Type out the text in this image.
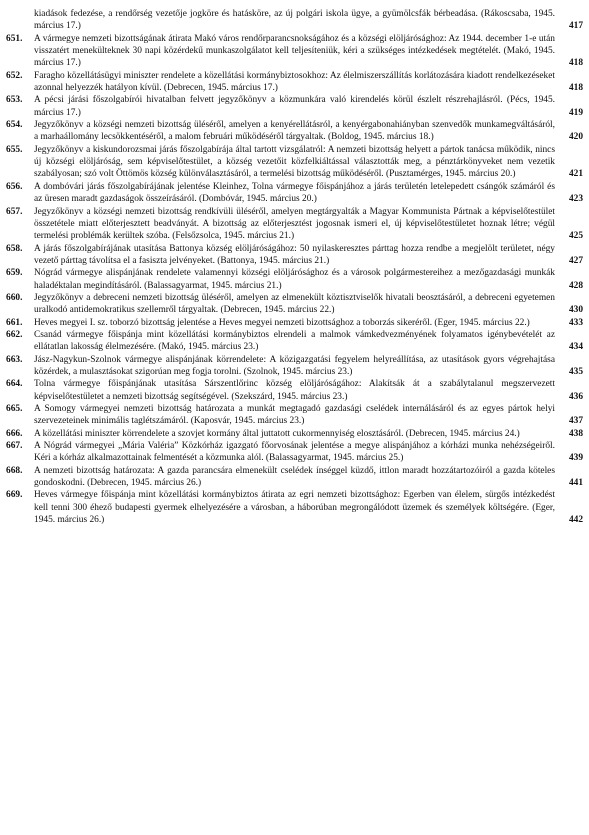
kiadások fedezése, a rendőrség vezetője jogköre és hatásköre, az új polgári iskola ügye, a gyümölcsfák bérbeadása. (Rákoscsaba, 1945. március 17.)	417
651.	A vármegye nemzeti bizottságának átirata Makó város rendőrparancsnokságához és a községi elöljárósághoz: Az 1944. december 1-e után visszatért menekülteknek 30 napi közérdekű munkaszolgálatot kell teljesíteniük, kéri a szükséges intézkedések megtételét. (Makó, 1945. március 17.)	418
652.	Faragho közellátásügyi miniszter rendelete a közellátási kormánybiztosokhoz: Az élelmiszerszállítás korlátozására kiadott rendelkezéseket azonnal helyezzék hatályon kívül. (Debrecen, 1945. március 17.)	418
653.	A pécsi járási főszolgabírói hivatalban felvett jegyzőkönyv a közmunkára való kirendelés körül észlelt részrehajlásról. (Pécs, 1945. március 17.)	419
654.	Jegyzőkönyv a községi nemzeti bizottság üléséről, amelyen a kenyérellátásról, a kenyérgabonahiányban szenvedők munkamegváltásáról, a marhaállomány lecsökkentéséről, a malom februári működéséről tárgyaltak. (Boldog, 1945. március 18.)	420
655.	Jegyzőkönyv a kiskundorozsmai járás főszolgabírája által tartott vizsgálatról: A nemzeti bizottság helyett a pártok tanácsa működik, nincs új községi elöljáróság, sem képviselőtestület, a község vezetőit közfelkiáltással választották meg, a pénztárkönyveket nem vezetik szabályosan; szó volt Öttömös község különválasztásáról, a termelési bizottság működéséről. (Pusztamérges, 1945. március 20.)	421
656.	A dombóvári járás főszolgabírájának jelentése Kleinhez, Tolna vármegye főispánjához a járás területén letelepedett csángók számáról és az üresen maradt gazdaságok összeírásáról. (Dombóvár, 1945. március 20.)	423
657.	Jegyzőkönyv a községi nemzeti bizottság rendkívüli üléséről, amelyen megtárgyalták a Magyar Kommunista Pártnak a képviselőtestület összetétele miatt előterjesztett beadványát. A bizottság az előterjesztést jogosnak ismeri el, új képviselőtestületet hoznak létre; végül termelési problémák kerültek szóba. (Felsőzsolca, 1945. március 21.)	425
658.	A járás főszolgabírájának utasítása Battonya község elöljáróságához: 50 nyilaskeresztes párttag hozza rendbe a megjelölt területet, négy vezető párttag távolítsa el a fasiszta jelvényeket. (Battonya, 1945. március 21.)	427
659.	Nógrád vármegye alispánjának rendelete valamennyi községi elöljárósághoz és a városok polgármestereihez a mezőgazdasági munkák haladéktalan megindításáról. (Balassagyarmat, 1945. március 21.)	428
660.	Jegyzőkönyv a debreceni nemzeti bizottság üléséről, amelyen az elmenekült köztisztviselők hivatali beosztásáról, a debreceni egyetemen uralkodó antidemokratikus szellemről tárgyaltak. (Debrecen, 1945. március 22.)	430
661.	Heves megyei I. sz. toborzó bizottság jelentése a Heves megyei nemzeti bizottsághoz a toborzás sikeréről. (Eger, 1945. március 22.)	433
662.	Csanád vármegye főispánja mint közellátási kormánybiztos elrendeli a malmok vámkedvezményének folyamatos igénybevételét az ellátatlan lakosság élelmezésére. (Makó, 1945. március 23.)	434
663.	Jász-Nagykun-Szolnok vármegye alispánjának körrendelete: A közigazgatási fegyelem helyreállítása, az utasítások gyors végrehajtása közérdek, a mulasztásokat szigorúan meg fogja torolni. (Szolnok, 1945. március 23.)	435
664.	Tolna vármegye főispánjának utasítása Sárszentlőrinc község elöljáróságához: Alakítsák át a szabálytalanul megszervezett képviselőtestületet a nemzeti bizottság segítségével. (Szekszárd, 1945. március 23.)	436
665.	A Somogy vármegyei nemzeti bizottság határozata a munkát megtagadó gazdasági cselédek internálásáról és az egyes pártok helyi szervezeteinek minimális taglétszámáról. (Kaposvár, 1945. március 23.)	437
666.	A közellátási miniszter körrendelete a szovjet kormány által juttatott cukormennyiség elosztásáról. (Debrecen, 1945. március 24.)	438
667.	A Nógrád vármegyei „Mária Valéria” Közkórház igazgató főorvosának jelentése a megye alispánjához a kórházi munka nehézségeiről. Kéri a kórház alkalmazottainak felmentését a közmunka alól. (Balassagyarmat, 1945. március 25.)	439
668.	A nemzeti bizottság határozata: A gazda parancsára elmenekült cselédek ínséggel küzdő, ittlon maradt hozzátartozóiról a gazda köteles gondoskodni. (Debrecen, 1945. március 26.)	441
669.	Heves vármegye főispánja mint közellátási kormánybiztos átirata az egri nemzeti bizottsághoz: Egerben van élelem, sürgős intézkedést kell tenni 300 éhező budapesti gyermek elhelyezésére a városban, a háborúban megrongálódott üzemek és személyek költségére. (Eger, 1945. március 26.)	442
